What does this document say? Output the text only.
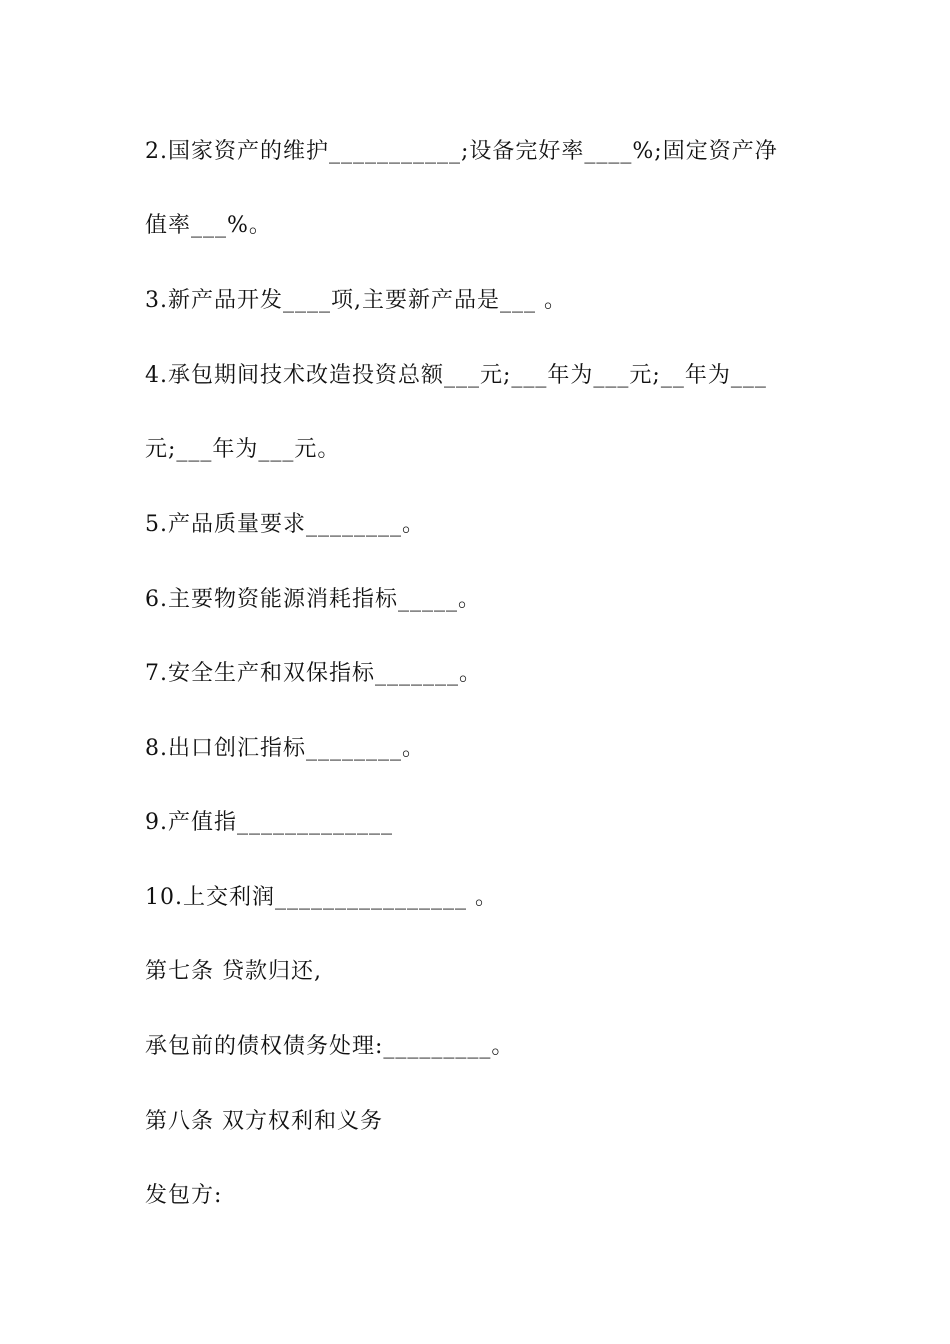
2.国家资产的维护___________;设备完好率____%;固定资产净
值率___%。
3.新产品开发____项,主要新产品是___ 。
4.承包期间技术改造投资总额___元;___年为___元;__年为___
元;___年为___元。
5.产品质量要求________。
6.主要物资能源消耗指标_____。
7.安全生产和双保指标_______。
8.出口创汇指标________。
9.产值指_____________
10.上交利润________________ 。
第七条 贷款归还,
承包前的债权债务处理:_________。
第八条 双方权利和义务
发包方:
